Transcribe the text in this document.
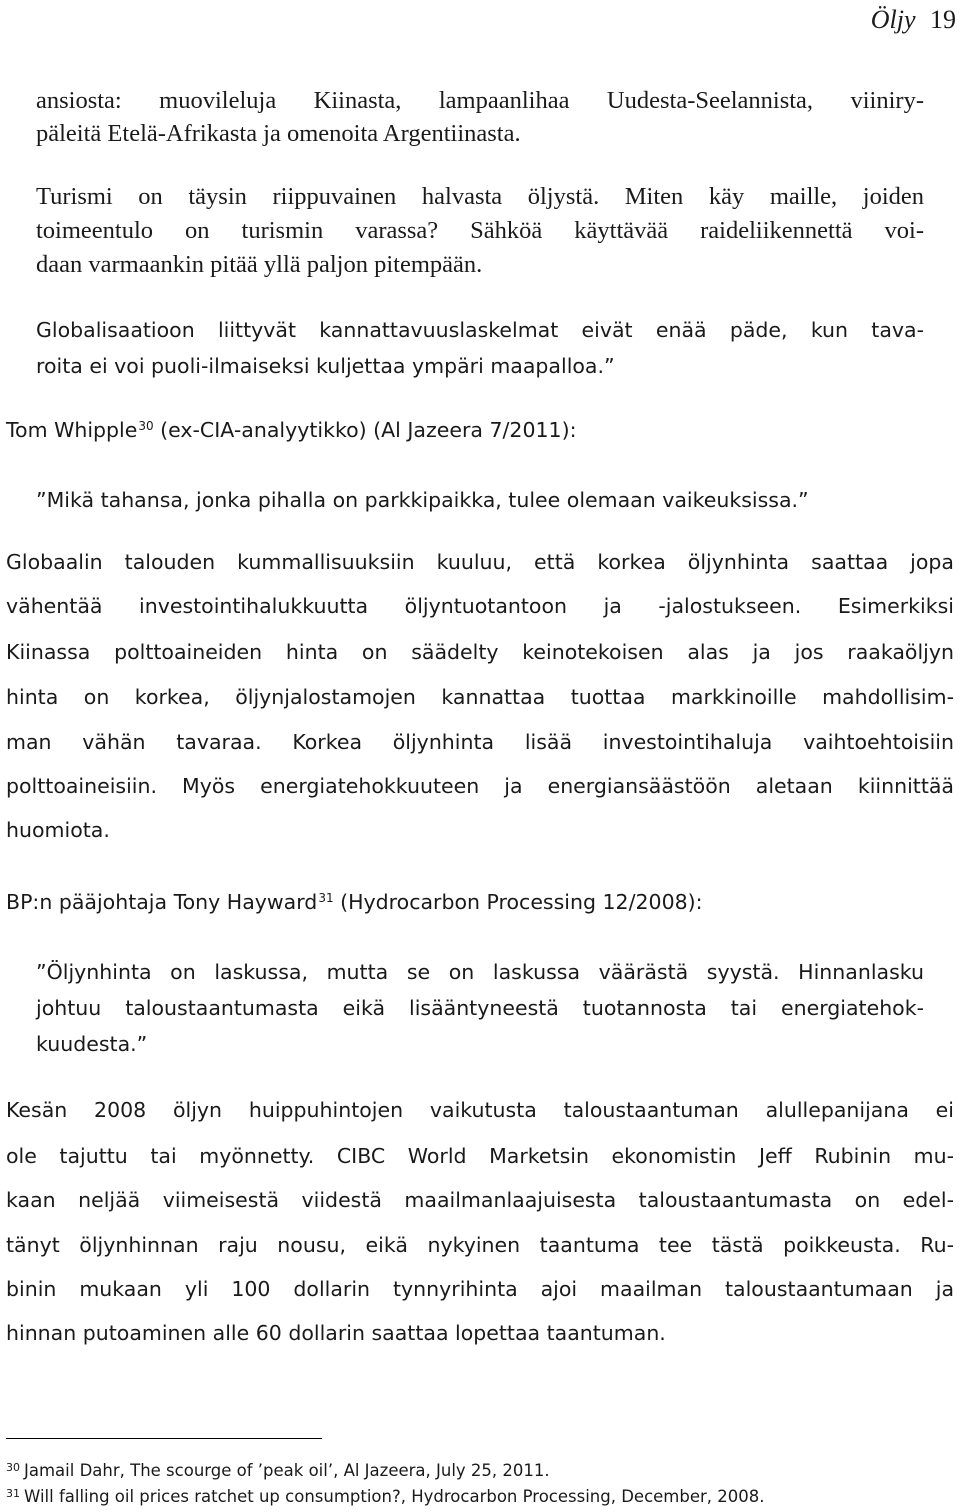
Öljy 19
ansiosta: muovileluja Kiinasta, lampaanlihaa Uudesta-Seelannista, viiniry-
päleitä Etelä-Afrikasta ja omenoita Argentiinasta.
Turismi on täysin riippuvainen halvasta öljystä. Miten käy maille, joiden
toimeentulo on turismin varassa? Sähköä käyttävää raideliikennettä voi-
daan varmaankin pitää yllä paljon pitempään.
Globalisaatioon liittyvät kannattavuuslaskelmat eivät enää päde, kun tava-
roita ei voi puoli-ilmaiseksi kuljettaa ympäri maapalloa.”
Tom Whipple$^{30}$ (ex-CIA-analyytikko) (Al Jazeera 7/2011):
”Mikä tahansa, jonka pihalla on parkkipaikka, tulee olemaan vaikeuksissa.”
Globaalin talouden kummallisuuksiin kuuluu, että korkea öljynhinta saattaa jopa
vähentää investointihalukkuutta öljyntuotantoon ja -jalostukseen. Esimerkiksi
Kiinassa polttoaineiden hinta on säädelty keinotekoisen alas ja jos raakaöljyn
hinta on korkea, öljynjalostamojen kannattaa tuottaa markkinoille mahdollisim-
man vähän tavaraa. Korkea öljynhinta lisää investointihaluja vaihtoehtoisiin
polttoaineisiin. Myös energiatehokkuuteen ja energiansäästöön aletaan kiinnittää
huomiota.
BP:n pääjohtaja Tony Hayward$^{31}$ (Hydrocarbon Processing 12/2008):
”Öljynhinta on laskussa, mutta se on laskussa väärästä syystä. Hinnanlasku
johtuu taloustaantumasta eikä lisääntyneestä tuotannosta tai energiatehok-
kuudesta.”
Kesän 2008 öljyn huippuhintojen vaikutusta taloustaantuman alullepanijana ei
ole tajuttu tai myönnetty. CIBC World Marketsin ekonomistin Jeff Rubinin mu-
kaan neljää viimeisestä viidestä maailmanlaajuisesta taloustaantumasta on edel-
tänyt öljynhinnan raju nousu, eikä nykyinen taantuma tee tästä poikkeusta. Ru-
binin mukaan yli 100 dollarin tynnyrihinta ajoi maailman taloustaantumaan ja
hinnan putoaminen alle 60 dollarin saattaa lopettaa taantuman.
$^{30}$ Jamail Dahr, The scourge of ’peak oil’, Al Jazeera, July 25, 2011.
$^{31}$ Will falling oil prices ratchet up consumption?, Hydrocarbon Processing, December, 2008.
